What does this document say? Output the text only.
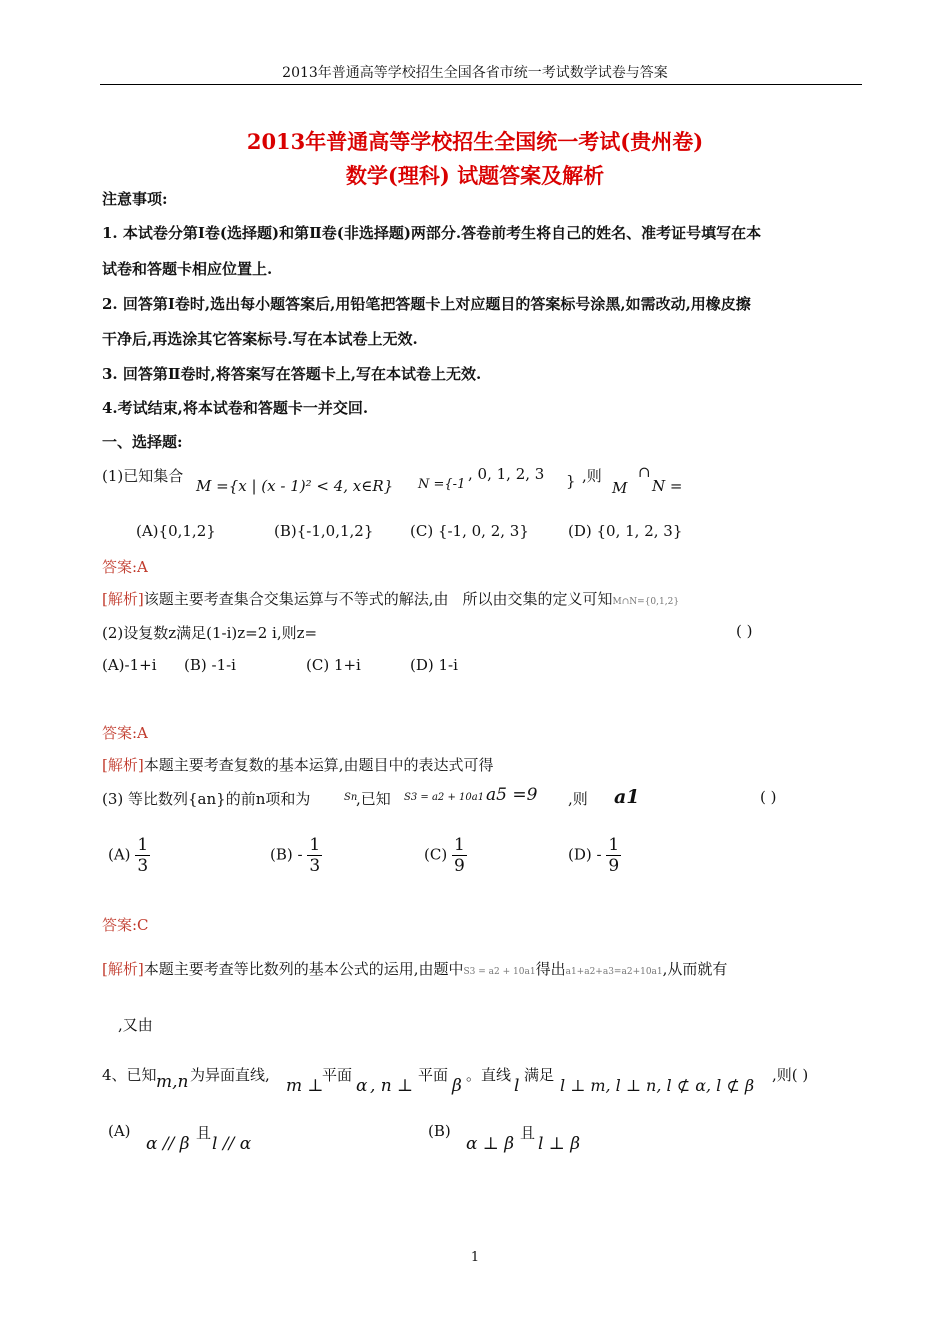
2013年普通高等学校招生全国各省市统一考试数学试卷与答案
2013年普通高等学校招生全国统一考试(贵州卷)
数学(理科) 试题答案及解析
注意事项:
1. 本试卷分第Ⅰ卷(选择题)和第Ⅱ卷(非选择题)两部分.答卷前考生将自己的姓名、准考证号填写在本
试卷和答题卡相应位置上.
2. 回答第Ⅰ卷时,选出每小题答案后,用铅笔把答题卡上对应题目的答案标号涂黑,如需改动,用橡皮擦
干净后,再选涂其它答案标号.写在本试卷上无效.
3. 回答第Ⅱ卷时,将答案写在答题卡上,写在本试卷上无效.
4.考试结束,将本试卷和答题卡一并交回.
一、选择题:
(1)已知集合
M ={x | (x - 1)² < 4, x∈R} N ={-1
, 0, 1, 2, 3 } ,则
M
∩
N =
(A){0,1,2}	(B){-1,0,1,2} (C) {-1, 0, 2, 3}	(D) {0, 1, 2, 3}
答案:A
[解析]该题主要考查集合交集运算与不等式的解法,由 所以由交集的定义可知M∩N={0,1,2}
(2)设复数z满足(1-i)z=2 i,则z=	( )
(A)-1+i (B) -1-i	(C) 1+i	(D) 1-i
答案:A
[解析]本题主要考查复数的基本运算,由题目中的表达式可得
(3) 等比数列{an}的前n项和为	Sn
,已知 S3 = a2 + 10a1 a5 =9 ,则 a1	( )
$(A) \frac{1}{3}$	$(B) - \frac{1}{3}$	$(C) \frac{1}{9}$	$(D) - \frac{1}{9}$
答案:C
[解析]本题主要考查等比数列的基本公式的运用,由题中S3 = a2 + 10a1得出a1+a2+a3=a2+10a1,从而就有
,又由
4、已知 m,n 为异面直线,
m ⊥
平面
α , n ⊥
平面
β
。直线
l
满足
l ⊥ m, l ⊥ n, l ⊄ α, l ⊄ β
,则( )
(A)
α // β
且
l // α
(B)
α ⊥ β
且
l ⊥ β
1
